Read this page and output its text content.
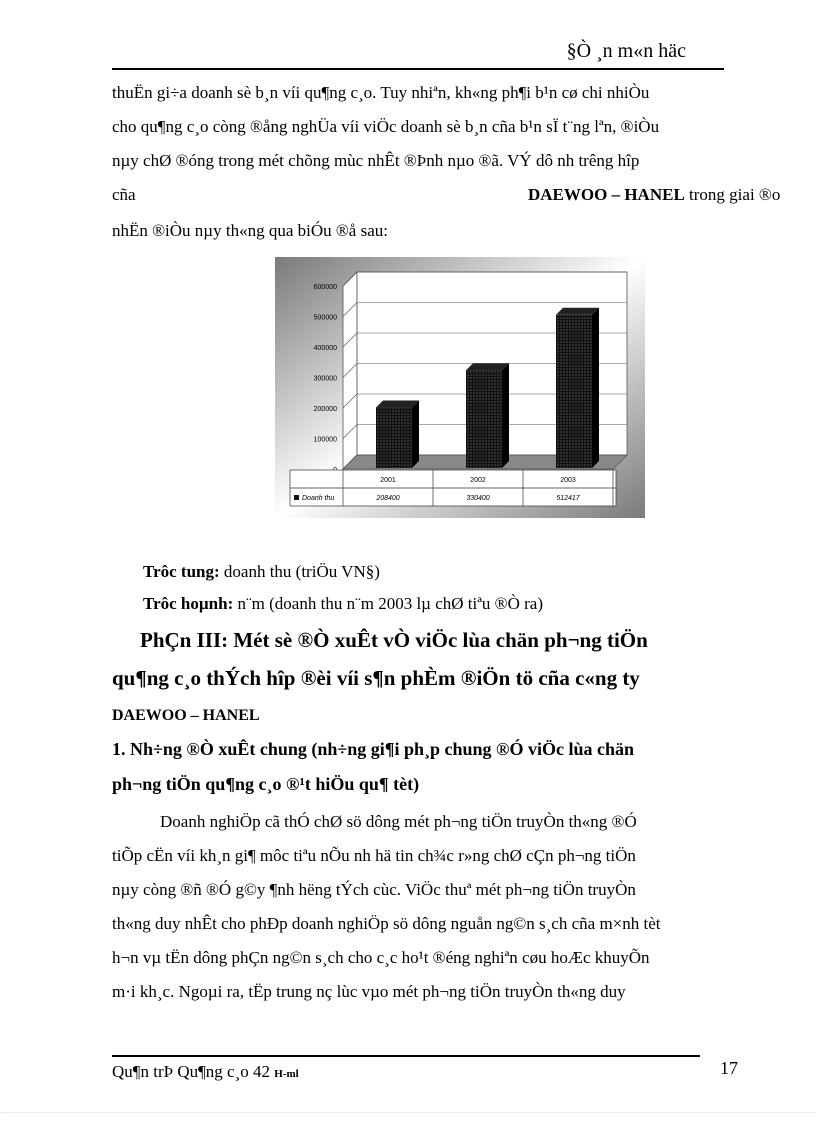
§Ò ¸n m«n häc
thuËn gi÷a doanh sè b¸n víi qu¶ng c¸o. Tuy nhiªn, kh«ng ph¶i b¹n cø chi nhiÒu
cho qu¶ng c¸o còng ®ång nghÜa víi viÖc doanh sè b¸n cña b¹n sÏ t¨ng lªn, ®iÒu
nµy chØ ®óng trong mét chõng mùc nhÊt ®Þnh nµo ®ã. VÝ dô nh trêng hîp
cña	DAEWOO – HANEL trong giai ®o
nhËn ®iÒu nµy th«ng qua biÓu ®å sau:
100000
200000
300000
400000
500000
600000
2001
208400
2002
330400
2003
512417
Doanh thu
Trôc tung: doanh thu (triÖu VN§)
Trôc hoµnh: n¨m (doanh thu n¨m 2003 lµ chØ tiªu ®Ò ra)
PhÇn III: Mét sè ®Ò xuÊt vÒ viÖc lùa chän ph¬ng tiÖn
qu¶ng c¸o thÝch hîp ®èi víi s¶n phÈm ®iÖn tö cña c«ng ty
DAEWOO – HANEL
1. Nh÷ng ®Ò xuÊt chung (nh÷ng gi¶i ph¸p chung ®Ó viÖc lùa chän
ph¬ng tiÖn qu¶ng c¸o ®¹t hiÖu qu¶ tèt)
Doanh nghiÖp cã thÓ chØ sö dông mét ph¬ng tiÖn truyÒn th«ng ®Ó
tiÕp cËn víi kh¸n gi¶ môc tiªu nÕu nh hä tin ch¾c r»ng chØ cÇn ph¬ng tiÖn
nµy còng ®ñ ®Ó g©y ¶nh hëng tÝch cùc. ViÖc thuª mét ph¬ng tiÖn truyÒn
th«ng duy nhÊt cho phÐp doanh nghiÖp sö dông nguån ng©n s¸ch cña m×nh tèt
h¬n vµ tËn dông phÇn ng©n s¸ch cho c¸c ho¹t ®éng nghiªn cøu hoÆc khuyÕn
m·i kh¸c. Ngoµi ra, tËp trung nç lùc vµo mét ph¬ng tiÖn truyÒn th«ng duy
Qu¶n trÞ Qu¶ng c¸o 42 H-ml	17
